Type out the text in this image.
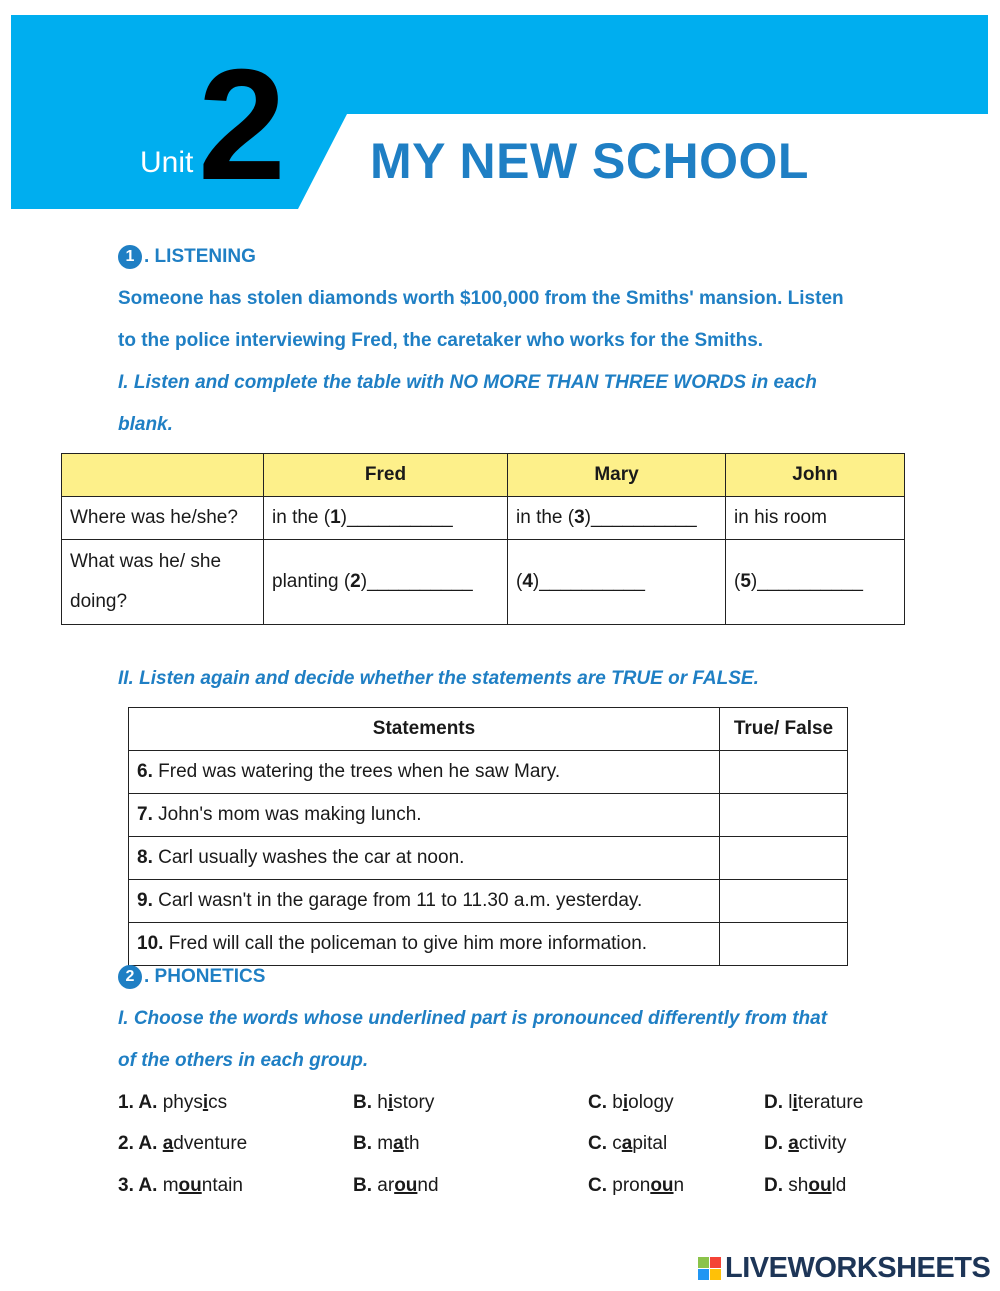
Unit 2 MY NEW SCHOOL
1 . LISTENING
Someone has stolen diamonds worth $100,000 from the Smiths' mansion. Listen
to the police interviewing Fred, the caretaker who works for the Smiths.
I. Listen and complete the table with NO MORE THAN THREE WORDS in each
blank.
	Fred	Mary	John
Where was he/she?	in the (1)__________	in the (3)__________	in his room
What was he/ she
doing?	planting (2)__________	(4)__________	(5)__________
II. Listen again and decide whether the statements are TRUE or FALSE.
Statements	True/ False
6. Fred was watering the trees when he saw Mary.	
7. John's mom was making lunch.	
8. Carl usually washes the car at noon.	
9. Carl wasn't in the garage from 11 to 11.30 a.m. yesterday.	
10. Fred will call the policeman to give him more information.	
2 . PHONETICS
I. Choose the words whose underlined part is pronounced differently from that
of the others in each group.
1. A. physics	B. history	C. biology	D. literature
2. A. adventure	B. math	C. capital	D. activity
3. A. mountain	B. around	C. pronoun	D. should
LIVEWORKSHEETS
